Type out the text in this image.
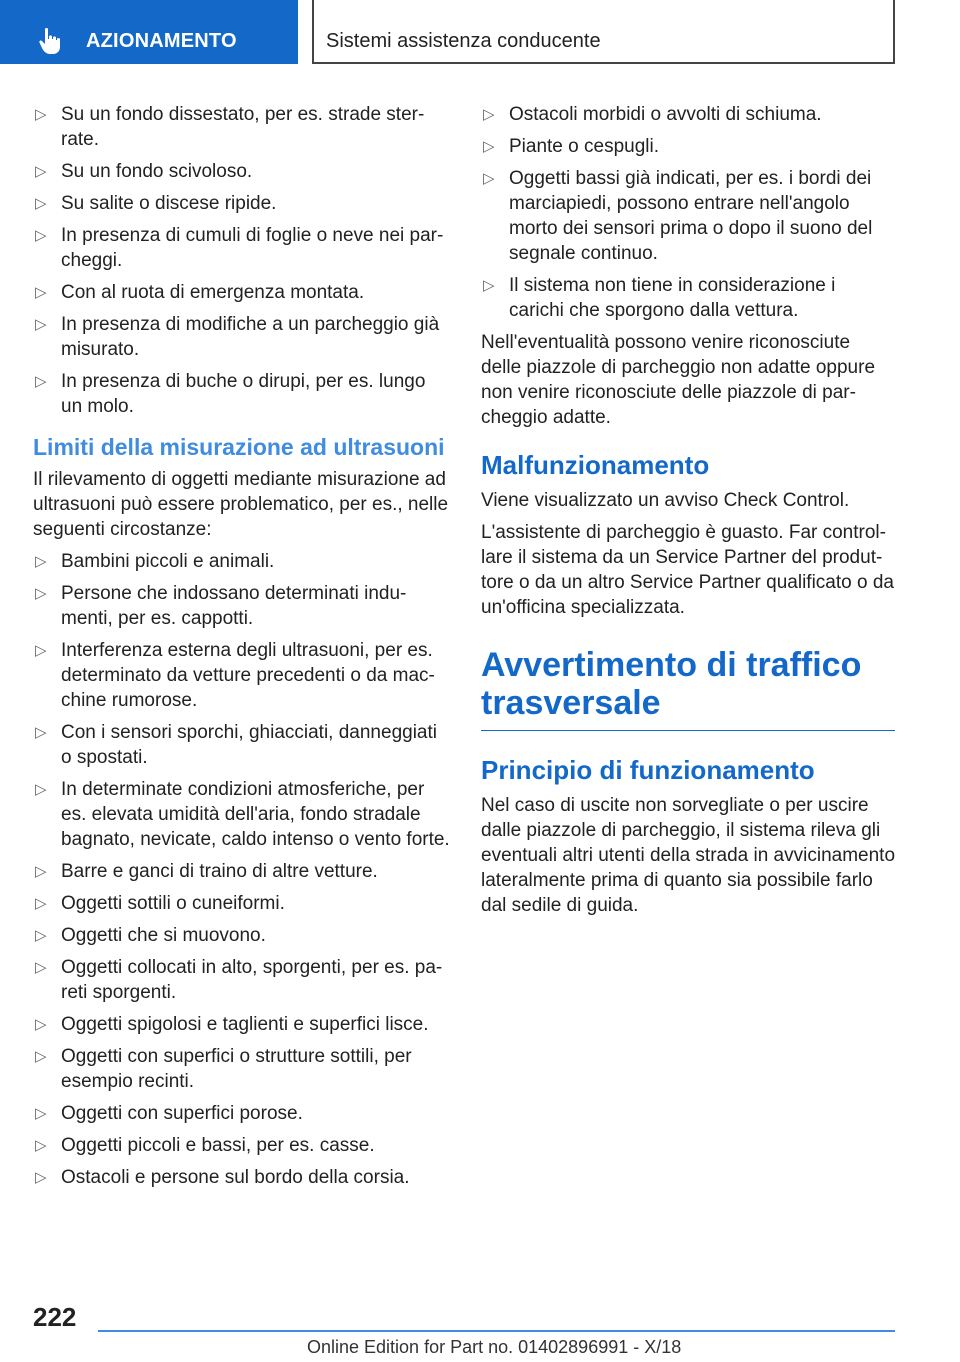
AZIONAMENTO	Sistemi assistenza conducente
▷ Su un fondo dissestato, per es. strade ster-rate.
▷ Su un fondo scivoloso.
▷ Su salite o discese ripide.
▷ In presenza di cumuli di foglie o neve nei par-cheggi.
▷ Con al ruota di emergenza montata.
▷ In presenza di modifiche a un parcheggio già misurato.
▷ In presenza di buche o dirupi, per es. lungo un molo.
Limiti della misurazione ad ultrasuoni

Il rilevamento di oggetti mediante misurazione ad ultrasuoni può essere problematico, per es., nelle seguenti circostanze:

▷ Bambini piccoli e animali.
▷ Persone che indossano determinati indu-menti, per es. cappotti.
▷ Interferenza esterna degli ultrasuoni, per es. determinato da vetture precedenti o da mac-chine rumorose.
▷ Con i sensori sporchi, ghiacciati, danneggiati o spostati.
▷ In determinate condizioni atmosferiche, per es. elevata umidità dell'aria, fondo stradale bagnato, nevicate, caldo intenso o vento forte.
▷ Barre e ganci di traino di altre vetture.
▷ Oggetti sottili o cuneiformi.
▷ Oggetti che si muovono.
▷ Oggetti collocati in alto, sporgenti, per es. pa-reti sporgenti.
▷ Oggetti spigolosi e taglienti e superfici lisce.
▷ Oggetti con superfici o strutture sottili, per esempio recinti.
▷ Oggetti con superfici porose.
▷ Oggetti piccoli e bassi, per es. casse.
▷ Ostacoli e persone sul bordo della corsia.
▷ Ostacoli morbidi o avvolti di schiuma.
▷ Piante o cespugli.
▷ Oggetti bassi già indicati, per es. i bordi dei marciapiedi, possono entrare nell'angolo morto dei sensori prima o dopo il suono del segnale continuo.
▷ Il sistema non tiene in considerazione i carichi che sporgono dalla vettura.

Nell'eventualità possono venire riconosciute delle piazzole di parcheggio non adatte oppure non venire riconosciute delle piazzole di par-cheggio adatte.

Malfunzionamento

Viene visualizzato un avviso Check Control.

L'assistente di parcheggio è guasto. Far control-lare il sistema da un Service Partner del produt-tore o da un altro Service Partner qualificato o da un'officina specializzata.

Avvertimento di traffico trasversale
Principio di funzionamento

Nel caso di uscite non sorvegliate o per uscire dalle piazzole di parcheggio, il sistema rileva gli eventuali altri utenti della strada in avvicinamento lateralmente prima di quanto sia possibile farlo dal sedile di guida.

222
Online Edition for Part no. 01402896991 - X/18
